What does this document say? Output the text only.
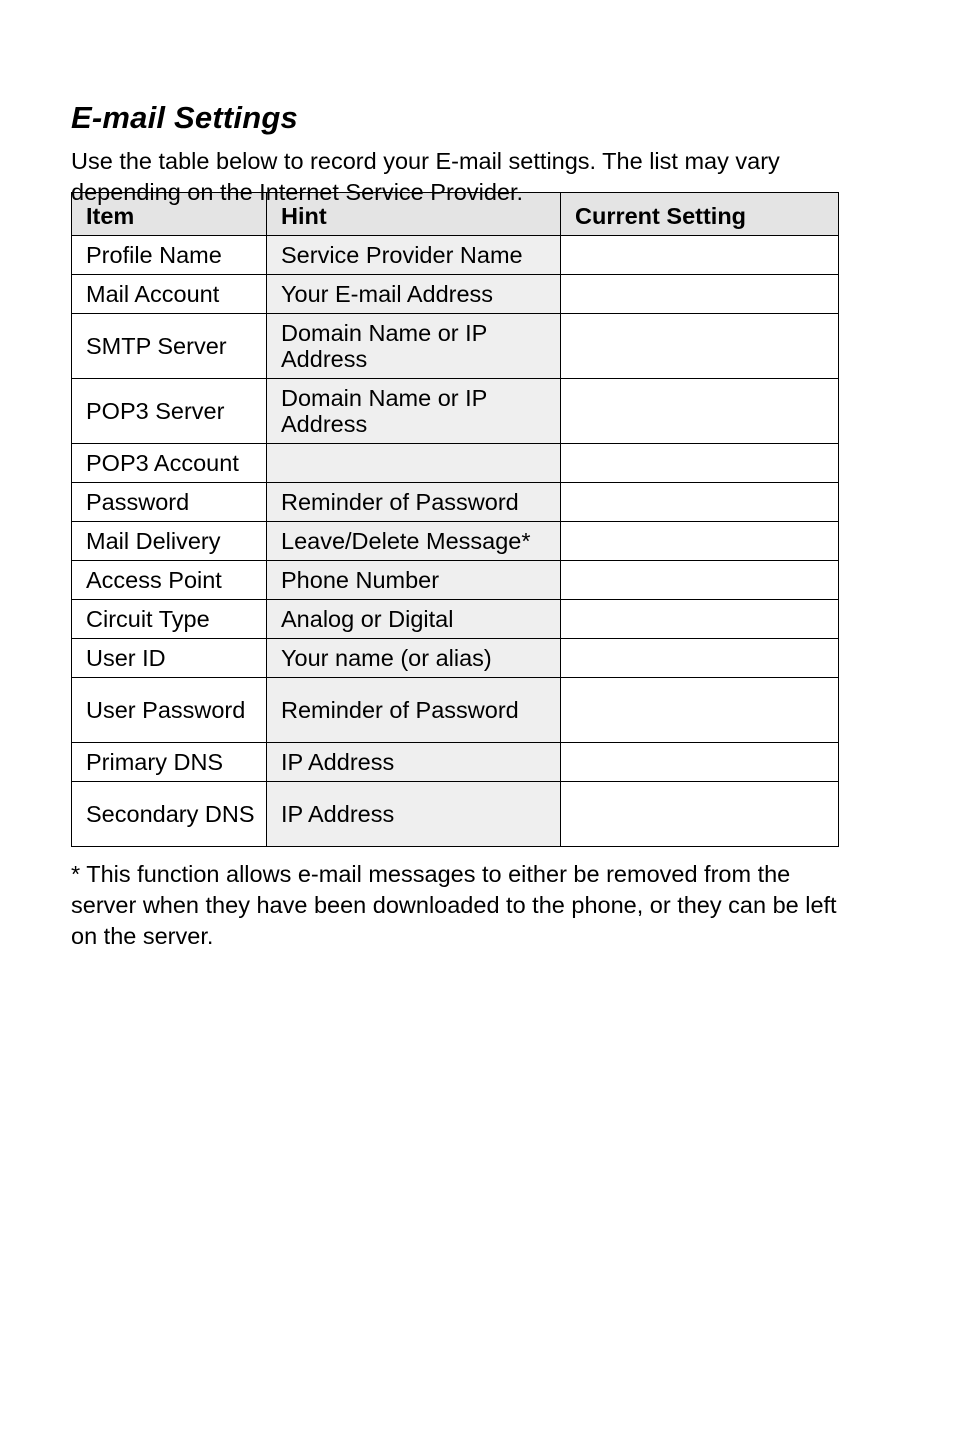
E-mail Settings

Use the table below to record your E-mail settings. The list may vary depending on the Internet Service Provider.

Item	Hint	Current Setting
Profile Name	Service Provider Name	
Mail Account	Your E-mail Address	
SMTP Server	Domain Name or IP Address	
POP3 Server	Domain Name or IP Address	
POP3 Account		
Password	Reminder of Password	
Mail Delivery	Leave/Delete Message*	
Access Point	Phone Number	
Circuit Type	Analog or Digital	
User ID	Your name (or alias)	
User Password	Reminder of Password	
Primary DNS	IP Address	
Secondary DNS	IP Address	

* This function allows e-mail messages to either be removed from the server when they have been downloaded to the phone, or they can be left on the server.
